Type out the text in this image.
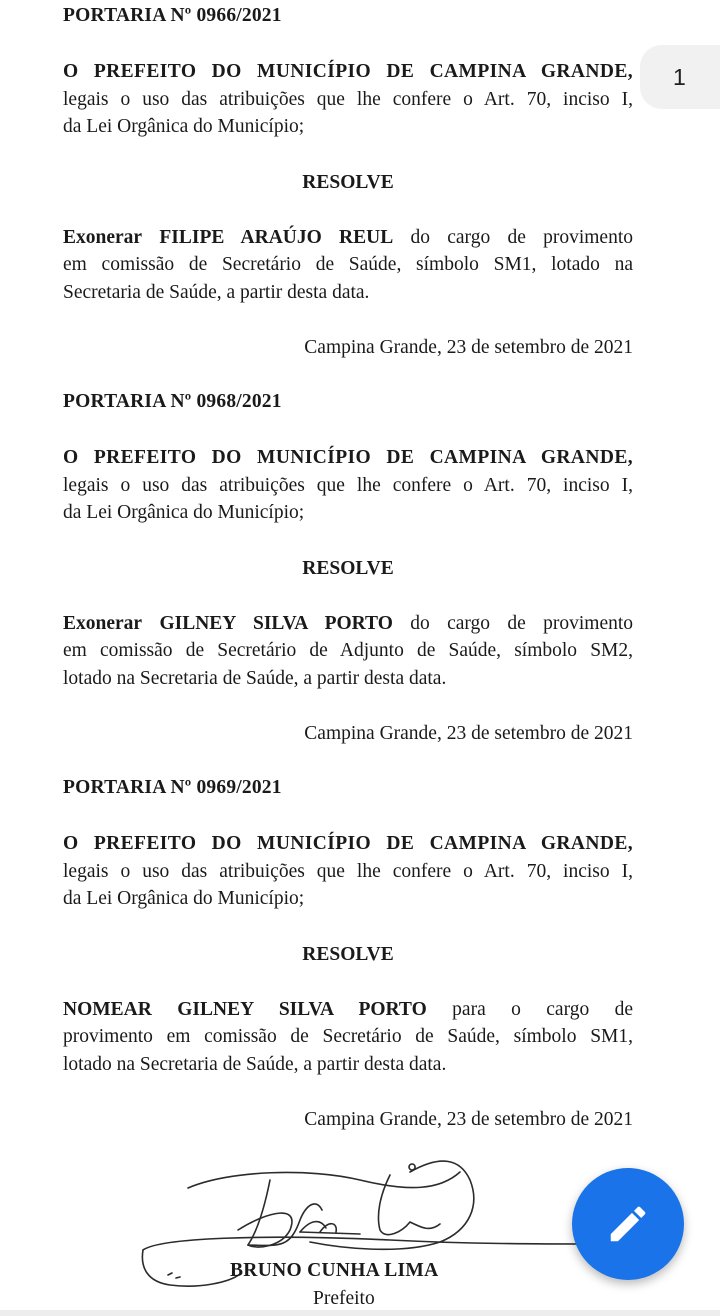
PORTARIA Nº 0966/2021
O PREFEITO DO MUNICÍPIO DE CAMPINA GRANDE,
legais o uso das atribuições que lhe confere o Art. 70, inciso I,
da Lei Orgânica do Município;
RESOLVE
Exonerar FILIPE ARAÚJO REUL do cargo de provimento
em comissão de Secretário de Saúde, símbolo SM1, lotado na
Secretaria de Saúde, a partir desta data.
Campina Grande, 23 de setembro de 2021
PORTARIA Nº 0968/2021
O PREFEITO DO MUNICÍPIO DE CAMPINA GRANDE,
legais o uso das atribuições que lhe confere o Art. 70, inciso I,
da Lei Orgânica do Município;
RESOLVE
Exonerar GILNEY SILVA PORTO do cargo de provimento
em comissão de Secretário de Adjunto de Saúde, símbolo SM2,
lotado na Secretaria de Saúde, a partir desta data.
Campina Grande, 23 de setembro de 2021
PORTARIA Nº 0969/2021
O PREFEITO DO MUNICÍPIO DE CAMPINA GRANDE,
legais o uso das atribuições que lhe confere o Art. 70, inciso I,
da Lei Orgânica do Município;
RESOLVE
NOMEAR GILNEY SILVA PORTO para o cargo de
provimento em comissão de Secretário de Saúde, símbolo SM1,
lotado na Secretaria de Saúde, a partir desta data.
Campina Grande, 23 de setembro de 2021
1
BRUNO CUNHA LIMA
Prefeito
